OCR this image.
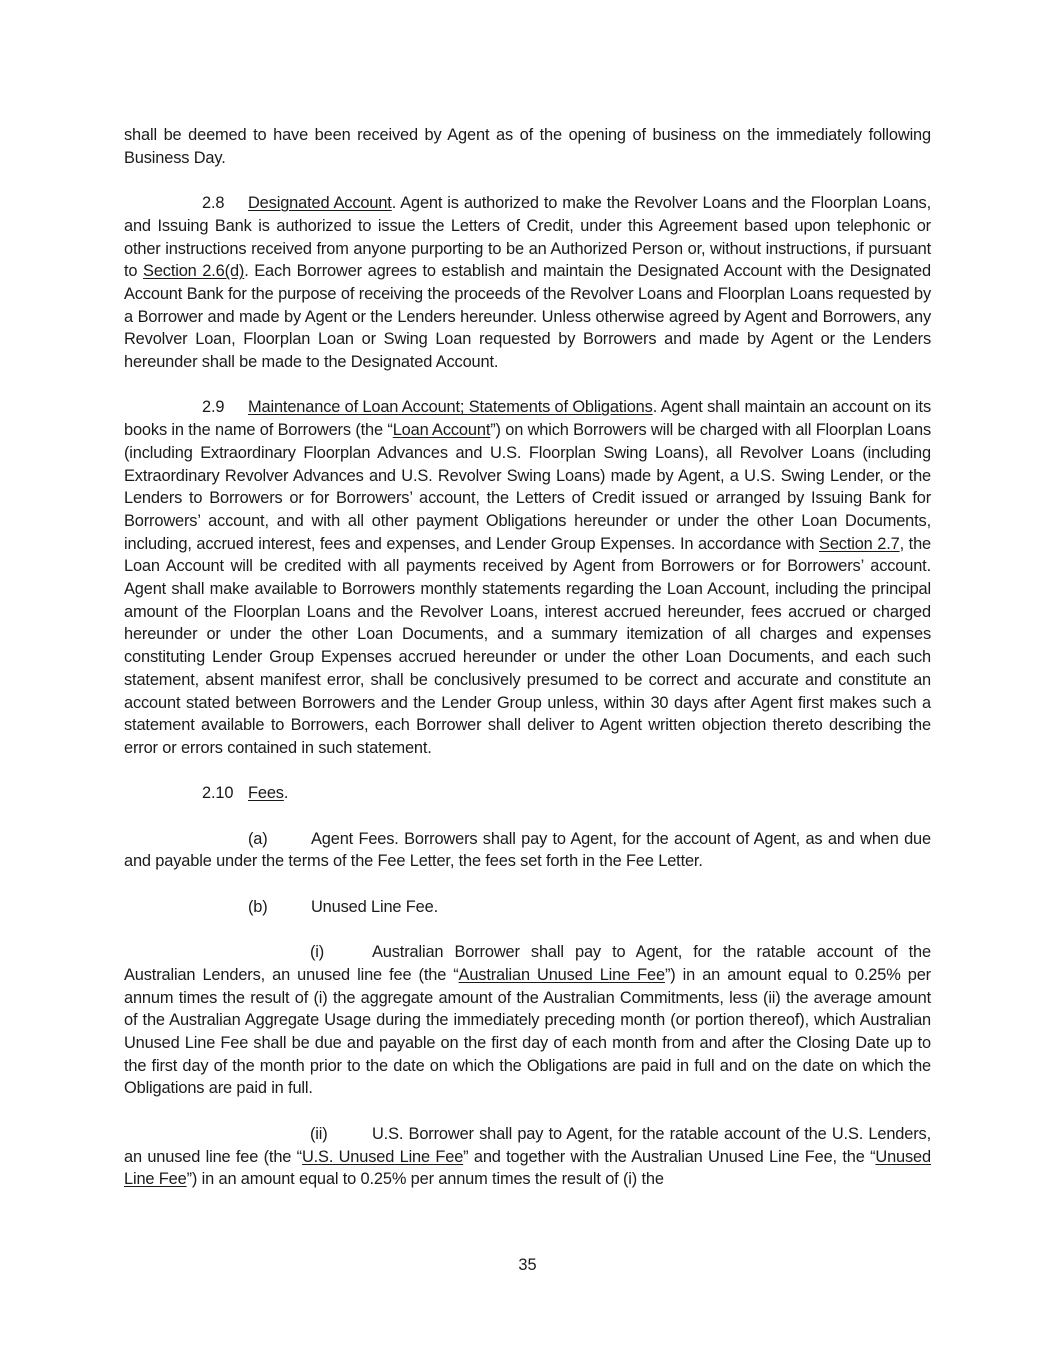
shall be deemed to have been received by Agent as of the opening of business on the immediately following Business Day.

2.8 Designated Account. Agent is authorized to make the Revolver Loans and the Floorplan Loans, and Issuing Bank is authorized to issue the Letters of Credit, under this Agreement based upon telephonic or other instructions received from anyone purporting to be an Authorized Person or, without instructions, if pursuant to Section 2.6(d). Each Borrower agrees to establish and maintain the Designated Account with the Designated Account Bank for the purpose of receiving the proceeds of the Revolver Loans and Floorplan Loans requested by a Borrower and made by Agent or the Lenders hereunder. Unless otherwise agreed by Agent and Borrowers, any Revolver Loan, Floorplan Loan or Swing Loan requested by Borrowers and made by Agent or the Lenders hereunder shall be made to the Designated Account.

2.9 Maintenance of Loan Account; Statements of Obligations. Agent shall maintain an account on its books in the name of Borrowers (the “Loan Account”) on which Borrowers will be charged with all Floorplan Loans (including Extraordinary Floorplan Advances and U.S. Floorplan Swing Loans), all Revolver Loans (including Extraordinary Revolver Advances and U.S. Revolver Swing Loans) made by Agent, a U.S. Swing Lender, or the Lenders to Borrowers or for Borrowers’ account, the Letters of Credit issued or arranged by Issuing Bank for Borrowers’ account, and with all other payment Obligations hereunder or under the other Loan Documents, including, accrued interest, fees and expenses, and Lender Group Expenses. In accordance with Section 2.7, the Loan Account will be credited with all payments received by Agent from Borrowers or for Borrowers’ account. Agent shall make available to Borrowers monthly statements regarding the Loan Account, including the principal amount of the Floorplan Loans and the Revolver Loans, interest accrued hereunder, fees accrued or charged hereunder or under the other Loan Documents, and a summary itemization of all charges and expenses constituting Lender Group Expenses accrued hereunder or under the other Loan Documents, and each such statement, absent manifest error, shall be conclusively presumed to be correct and accurate and constitute an account stated between Borrowers and the Lender Group unless, within 30 days after Agent first makes such a statement available to Borrowers, each Borrower shall deliver to Agent written objection thereto describing the error or errors contained in such statement.

2.10 Fees.

(a)	Agent Fees. Borrowers shall pay to Agent, for the account of Agent, as and when due and payable under the terms of the Fee Letter, the fees set forth in the Fee Letter.

(b)	Unused Line Fee.

(i)	Australian Borrower shall pay to Agent, for the ratable account of the Australian Lenders, an unused line fee (the “Australian Unused Line Fee”) in an amount equal to 0.25% per annum times the result of (i) the aggregate amount of the Australian Commitments, less (ii) the average amount of the Australian Aggregate Usage during the immediately preceding month (or portion thereof), which Australian Unused Line Fee shall be due and payable on the first day of each month from and after the Closing Date up to the first day of the month prior to the date on which the Obligations are paid in full and on the date on which the Obligations are paid in full.

(ii)	U.S. Borrower shall pay to Agent, for the ratable account of the U.S. Lenders, an unused line fee (the “U.S. Unused Line Fee” and together with the Australian Unused Line Fee, the “Unused Line Fee”) in an amount equal to 0.25% per annum times the result of (i) the

35
